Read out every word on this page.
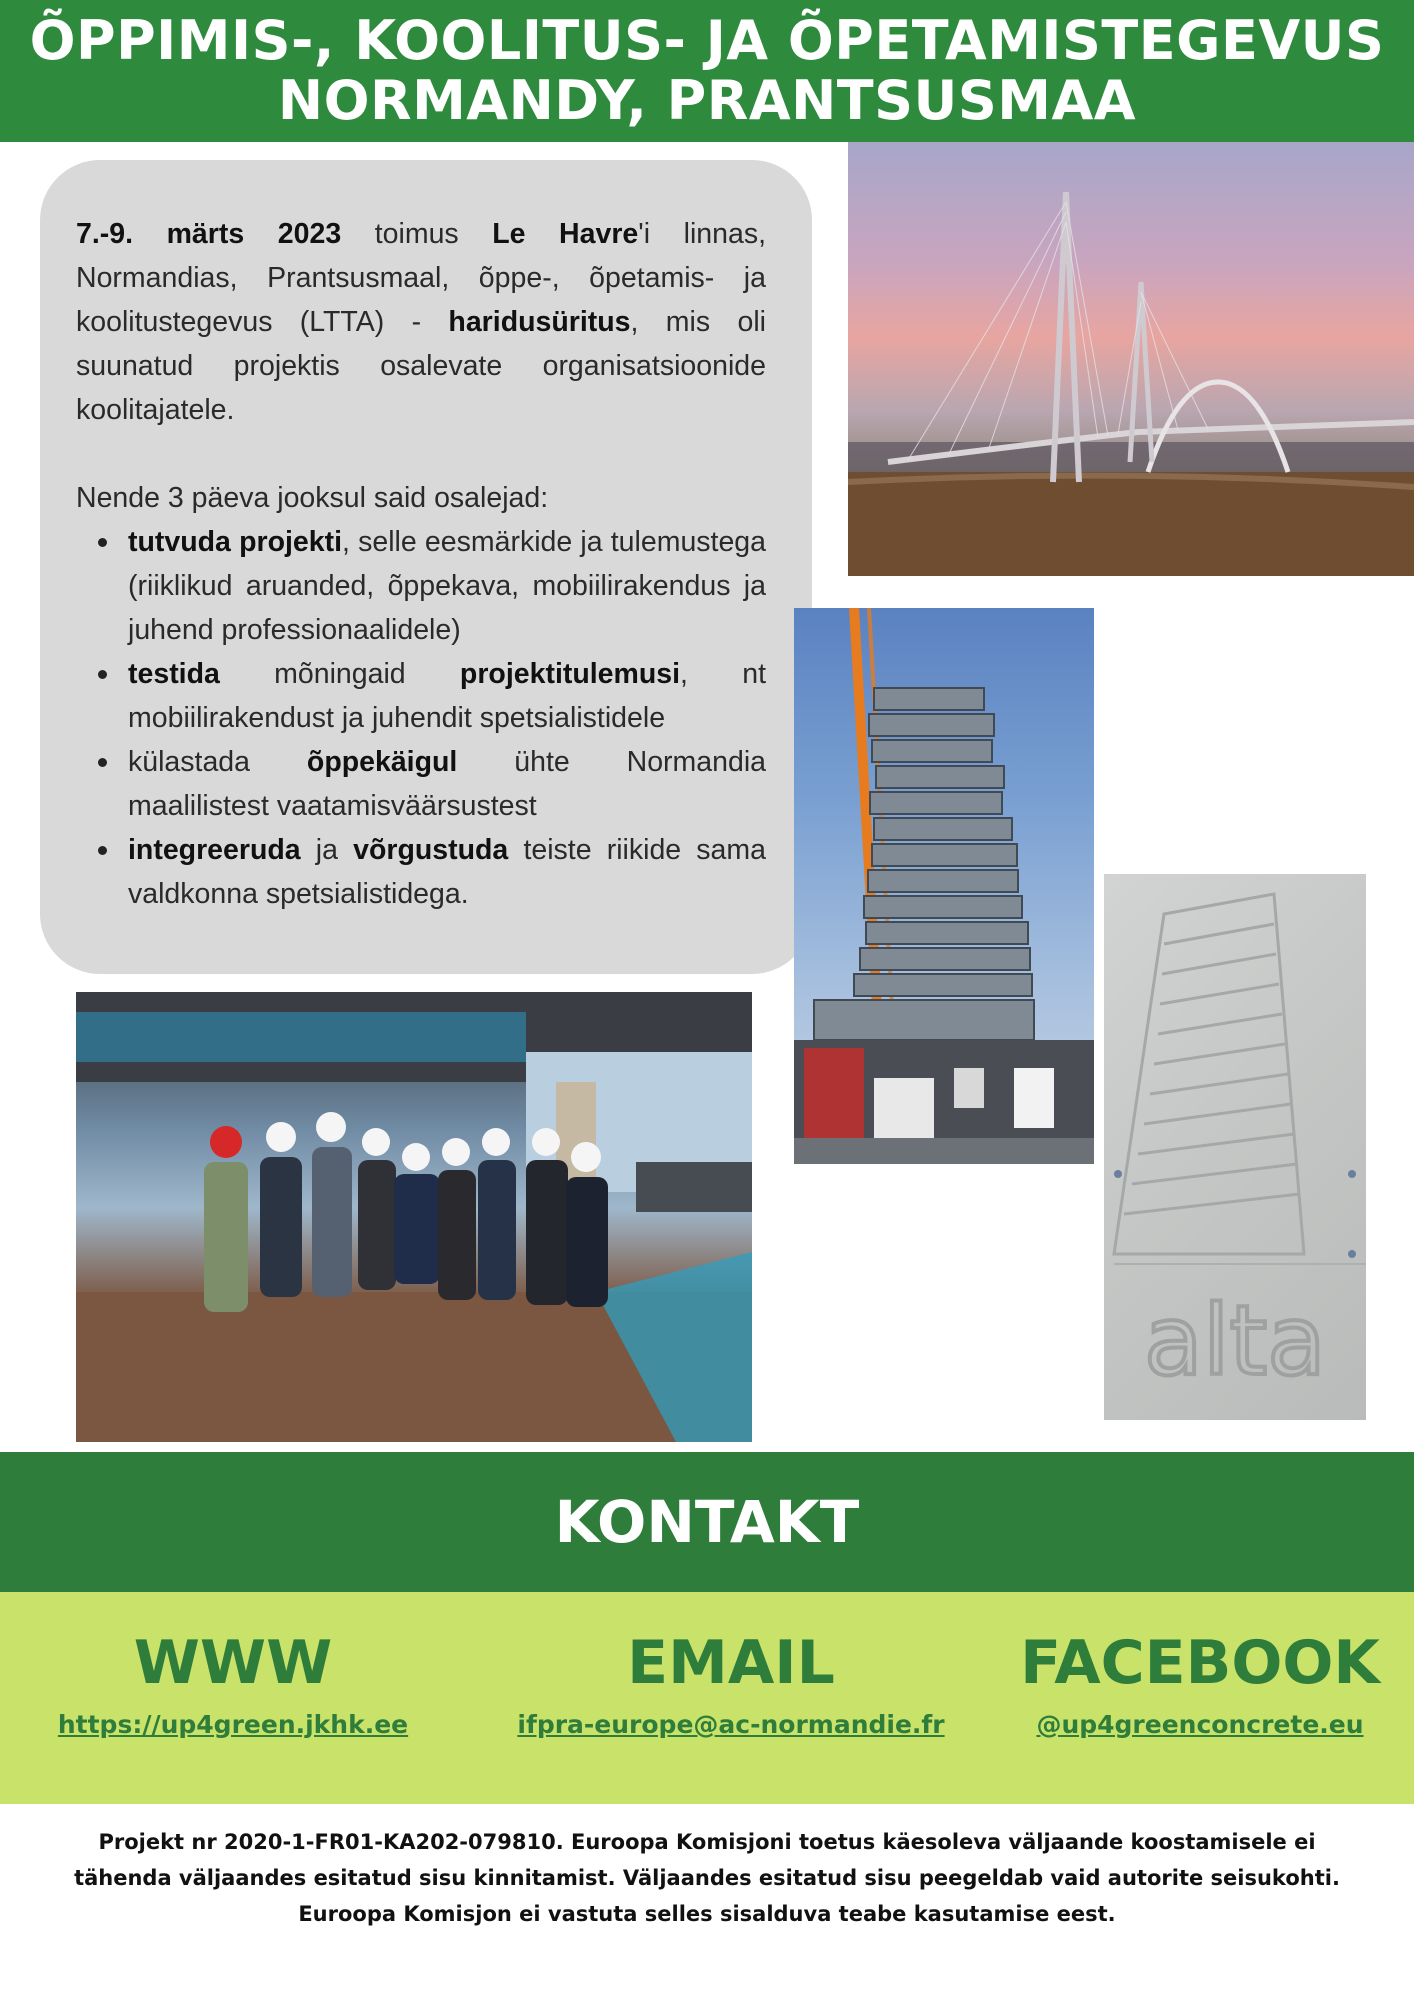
ÕPPIMIS-, KOOLITUS- JA ÕPETAMISTEGEVUS
NORMANDY, PRANTSUSMAA

7.-9. märts 2023 toimus Le Havre'i linnas, Normandias, Prantsusmaal, õppe-, õpetamis- ja koolitustegevus (LTTA) - haridusüritus, mis oli suunatud projektis osalevate organisatsioonide koolitajatele.

Nende 3 päeva jooksul said osalejad:

tutvuda projekti, selle eesmärkide ja tulemustega (riiklikud aruanded, õppekava, mobiilirakendus ja juhend professionaalidele)
testida mõningaid projektitulemusi, nt mobiilirakendust ja juhendit spetsialistidele
külastada õppekäigul ühte Normandia maalilistest vaatamisväärsustest
integreeruda ja võrgustuda teiste riikide sama valdkonna spetsialistidega.
alta
KONTAKT
WWW
https://up4green.jkhk.ee
EMAIL
ifpra-europe@ac-normandie.fr
FACEBOOK
@up4greenconcrete.eu
Projekt nr 2020-1-FR01-KA202-079810. Euroopa Komisjoni toetus käesoleva väljaande koostamisele ei tähenda väljaandes esitatud sisu kinnitamist. Väljaandes esitatud sisu peegeldab vaid autorite seisukohti. Euroopa Komisjon ei vastuta selles sisalduva teabe kasutamise eest.
